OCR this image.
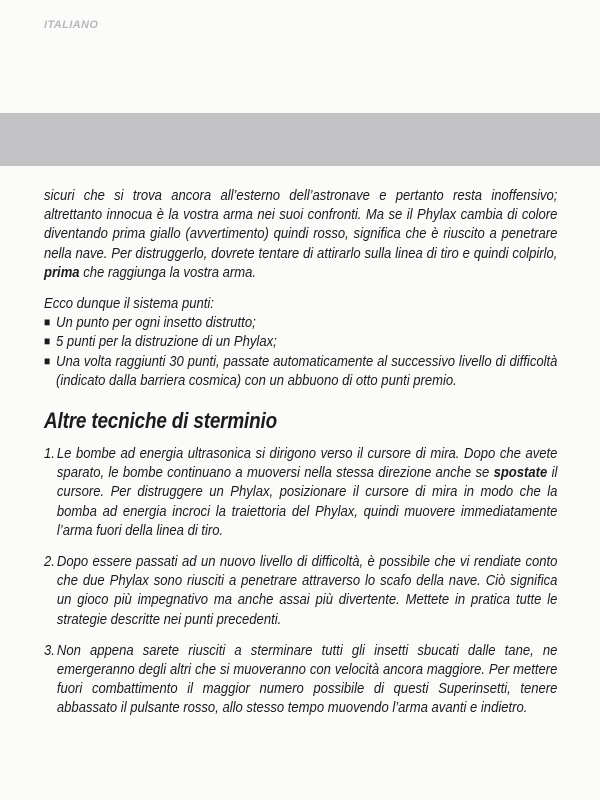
ITALIANO

sicuri che si trova ancora all’esterno dell’astronave e pertanto resta inoffensivo; altrettanto innocua è la vostra arma nei suoi confronti. Ma se il Phylax cambia di colore diventando prima giallo (avvertimento) quindi rosso, significa che è riuscito a penetrare nella nave. Per distruggerlo, dovrete tentare di attirarlo sulla linea di tiro e quindi colpirlo, prima che raggiunga la vostra arma.

Ecco dunque il sistema punti:

■ Un punto per ogni insetto distrutto;
■ 5 punti per la distruzione di un Phylax;
■ Una volta raggiunti 30 punti, passate automaticamente al successivo livello di difficoltà (indicato dalla barriera cosmica) con un abbuono di otto punti premio.
Altre tecniche di sterminio
1. Le bombe ad energia ultrasonica si dirigono verso il cursore di mira. Dopo che avete sparato, le bombe continuano a muoversi nella stessa direzione anche se spostate il cursore. Per distruggere un Phylax, posizionare il cursore di mira in modo che la bomba ad energia incroci la traiettoria del Phylax, quindi muovere immediatamente l’arma fuori della linea di tiro.
2. Dopo essere passati ad un nuovo livello di difficoltà, è possibile che vi rendiate conto che due Phylax sono riusciti a penetrare attraverso lo scafo della nave. Ciò significa un gioco più impegnativo ma anche assai più divertente. Mettete in pratica tutte le strategie descritte nei punti precedenti.
3. Non appena sarete riusciti a sterminare tutti gli insetti sbucati dalle tane, ne emergeranno degli altri che si muoveranno con velocità ancora maggiore. Per mettere fuori combattimento il maggior numero possibile di questi Superinsetti, tenere abbassato il pulsante rosso, allo stesso tempo muovendo l’arma avanti e indietro.
